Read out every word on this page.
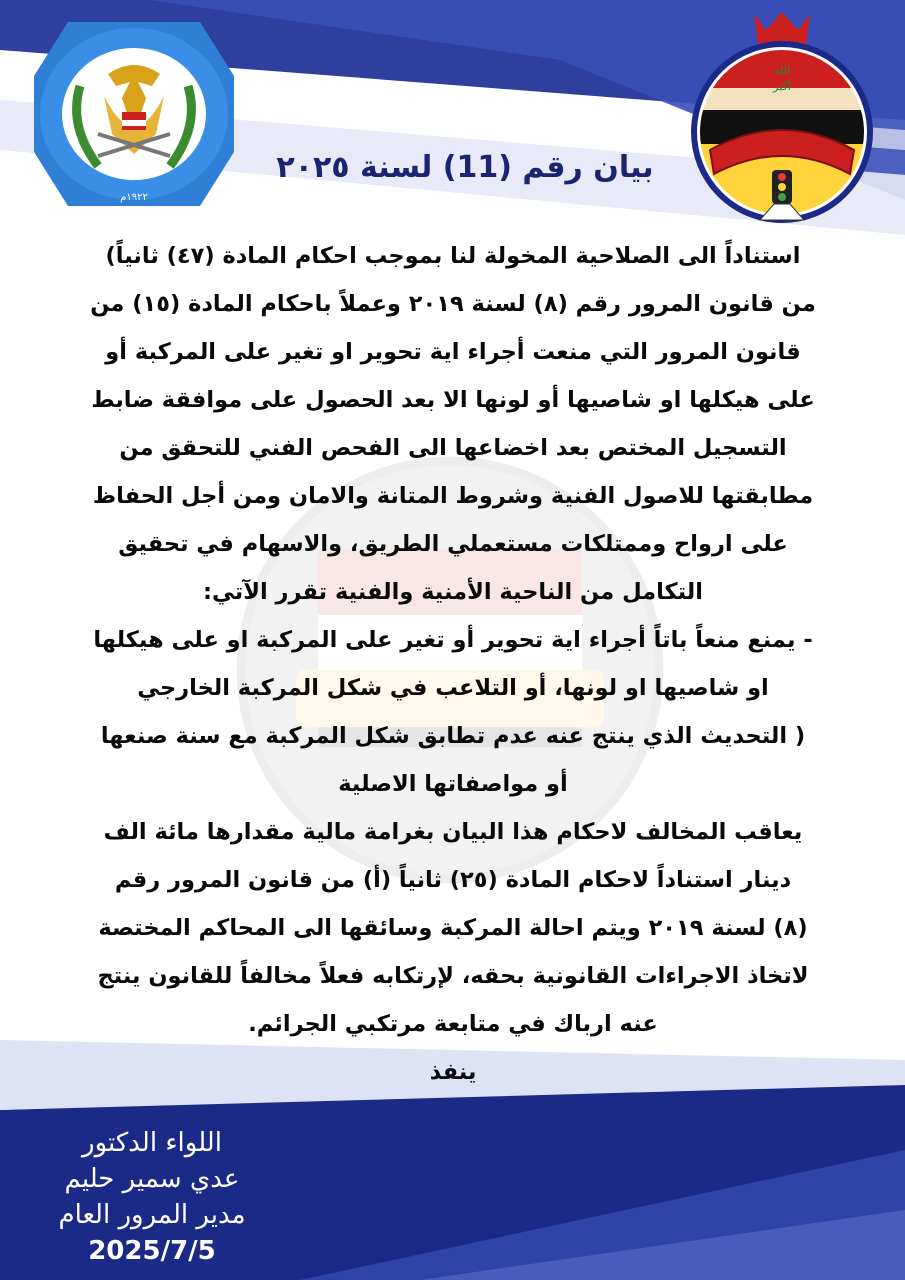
١٩٢٢م
الله
أكبر
بيان رقم (11) لسنة ٢٠٢٥

استناداً الى الصلاحية المخولة لنا بموجب احكام المادة (٤٧) ثانياً)

من قانون المرور رقم (٨) لسنة ٢٠١٩ وعملاً باحكام المادة (١٥) من

قانون المرور التي منعت أجراء اية تحوير او تغير على المركبة أو

على هيكلها او شاصيها أو لونها الا بعد الحصول على موافقة ضابط

التسجيل المختص بعد اخضاعها الى الفحص الفني للتحقق من

مطابقتها للاصول الفنية وشروط المتانة والامان ومن أجل الحفاظ

على ارواح وممتلكات مستعملي الطريق، والاسهام في تحقيق

التكامل من الناحية الأمنية والفنية تقرر الآتي:

- يمنع منعاً باتاً أجراء اية تحوير أو تغير على المركبة او على هيكلها

او شاصيها او لونها، أو التلاعب في شكل المركبة الخارجي

( التحديث الذي ينتج عنه عدم تطابق شكل المركبة مع سنة صنعها

أو مواصفاتها الاصلية

يعاقب المخالف لاحكام هذا البيان بغرامة مالية مقدارها مائة الف

دينار استناداً لاحكام المادة (٢٥) ثانياً (أ) من قانون المرور رقم

(٨) لسنة ٢٠١٩ ويتم احالة المركبة وسائقها الى المحاكم المختصة

لاتخاذ الاجراءات القانونية بحقه، لإرتكابه فعلاً مخالفاً للقانون ينتج

عنه ارباك في متابعة مرتكبي الجرائم.

ينفذ

اللواء الدكتور
عدي سمير حليم
مدير المرور العام
2025/7/5
